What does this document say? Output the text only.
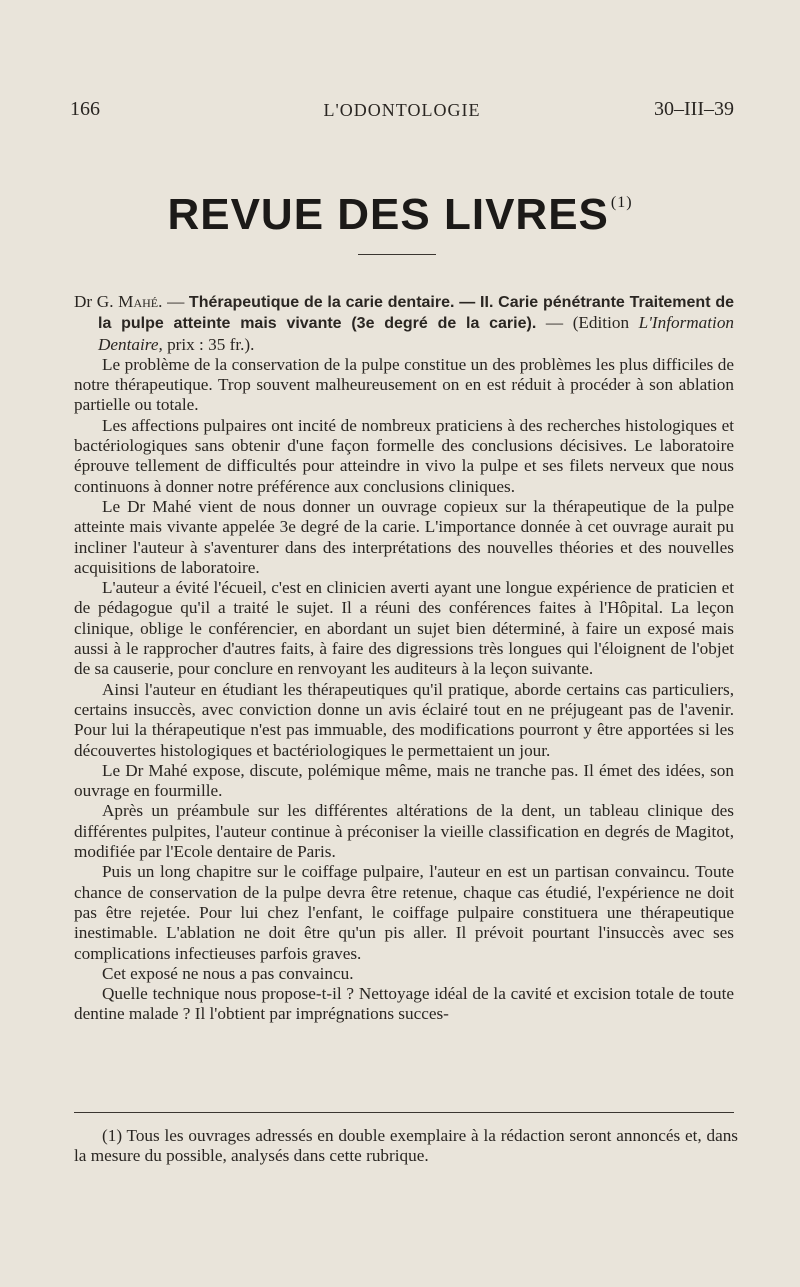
166	L'ODONTOLOGIE	30–III–39
REVUE DES LIVRES $^{(1)}$

Dr G. Mahé. — Thérapeutique de la carie dentaire. — II. Carie pénétrante Traitement de la pulpe atteinte mais vivante (3e degré de la carie). — (Edition L'Information Dentaire, prix : 35 fr.).

Le problème de la conservation de la pulpe constitue un des problèmes les plus difficiles de notre thérapeutique. Trop souvent malheureusement on en est réduit à procéder à son ablation partielle ou totale.

Les affections pulpaires ont incité de nombreux praticiens à des recherches histologiques et bactériologiques sans obtenir d'une façon formelle des conclusions décisives. Le laboratoire éprouve tellement de difficultés pour atteindre in vivo la pulpe et ses filets nerveux que nous continuons à donner notre préférence aux conclusions cliniques.

Le Dr Mahé vient de nous donner un ouvrage copieux sur la thérapeutique de la pulpe atteinte mais vivante appelée 3e degré de la carie. L'importance donnée à cet ouvrage aurait pu incliner l'auteur à s'aventurer dans des interprétations des nouvelles théories et des nouvelles acquisitions de laboratoire.

L'auteur a évité l'écueil, c'est en clinicien averti ayant une longue expérience de praticien et de pédagogue qu'il a traité le sujet. Il a réuni des conférences faites à l'Hôpital. La leçon clinique, oblige le conférencier, en abordant un sujet bien déterminé, à faire un exposé mais aussi à le rapprocher d'autres faits, à faire des digressions très longues qui l'éloignent de l'objet de sa causerie, pour conclure en renvoyant les auditeurs à la leçon suivante.

Ainsi l'auteur en étudiant les thérapeutiques qu'il pratique, aborde certains cas particuliers, certains insuccès, avec conviction donne un avis éclairé tout en ne préjugeant pas de l'avenir. Pour lui la thérapeutique n'est pas immuable, des modifications pourront y être apportées si les découvertes histologiques et bactériologiques le permettaient un jour.

Le Dr Mahé expose, discute, polémique même, mais ne tranche pas. Il émet des idées, son ouvrage en fourmille.

Après un préambule sur les différentes altérations de la dent, un tableau clinique des différentes pulpites, l'auteur continue à préconiser la vieille classification en degrés de Magitot, modifiée par l'Ecole dentaire de Paris.

Puis un long chapitre sur le coiffage pulpaire, l'auteur en est un partisan convaincu. Toute chance de conservation de la pulpe devra être retenue, chaque cas étudié, l'expérience ne doit pas être rejetée. Pour lui chez l'enfant, le coiffage pulpaire constituera une thérapeutique inestimable. L'ablation ne doit être qu'un pis aller. Il prévoit pourtant l'insuccès avec ses complications infectieuses parfois graves.

Cet exposé ne nous a pas convaincu.

Quelle technique nous propose-t-il ? Nettoyage idéal de la cavité et excision totale de toute dentine malade ? Il l'obtient par imprégnations succes-

(1) Tous les ouvrages adressés en double exemplaire à la rédaction seront annoncés et, dans la mesure du possible, analysés dans cette rubrique.
